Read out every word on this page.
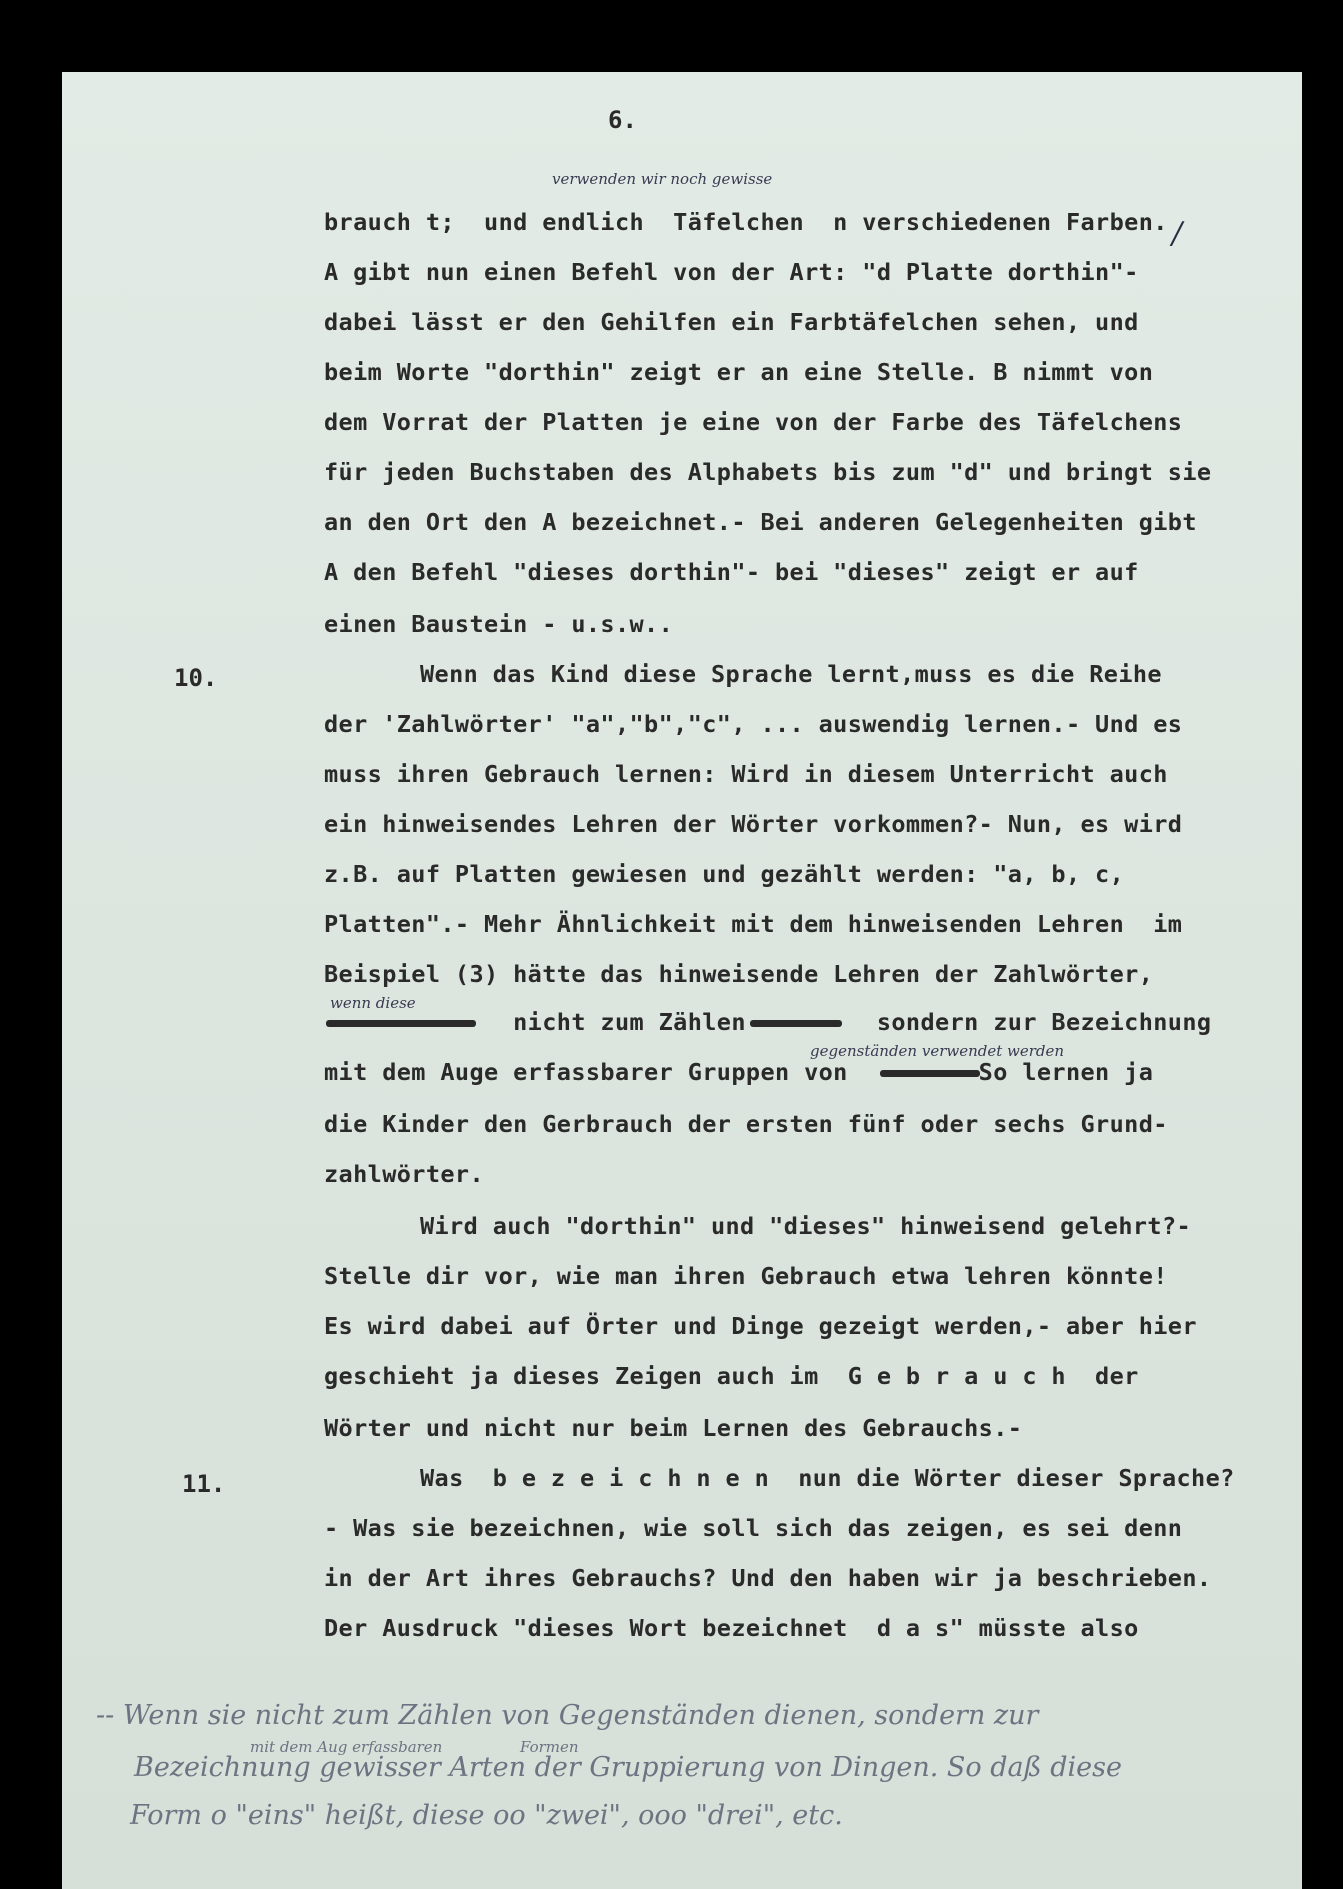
6.
verwenden wir noch gewisse
/
brauch t;  und endlich  Täfelchen  n verschiedenen Farben.
A gibt nun einen Befehl von der Art: "d Platte dorthin"-
dabei lässt er den Gehilfen ein Farbtäfelchen sehen, und
beim Worte "dorthin" zeigt er an eine Stelle. B nimmt von
dem Vorrat der Platten je eine von der Farbe des Täfelchens
für jeden Buchstaben des Alphabets bis zum "d" und bringt sie
an den Ort den A bezeichnet.- Bei anderen Gelegenheiten gibt
A den Befehl "dieses dorthin"- bei "dieses" zeigt er auf
einen Baustein - u.s.w..
10.	Wenn das Kind diese Sprache lernt,muss es die Reihe
der 'Zahlwörter' "a","b","c", ... auswendig lernen.- Und es
muss ihren Gebrauch lernen: Wird in diesem Unterricht auch
ein hinweisendes Lehren der Wörter vorkommen?- Nun, es wird
z.B. auf Platten gewiesen und gezählt werden: "a, b, c,
Platten".- Mehr Ähnlichkeit mit dem hinweisenden Lehren  im
Beispiel (3) hätte das hinweisende Lehren der Zahlwörter,
wenn diese
nicht zum Zählen         sondern zur Bezeichnung
gegenständen verwendet werden
mit dem Auge erfassbarer Gruppen von         So lernen ja
die Kinder den Gerbrauch der ersten fünf oder sechs Grund-
zahlwörter.
Wird auch "dorthin" und "dieses" hinweisend gelehrt?-
Stelle dir vor, wie man ihren Gebrauch etwa lehren könnte!
Es wird dabei auf Örter und Dinge gezeigt werden,- aber hier
geschieht ja dieses Zeigen auch im  G e b r a u c h  der
Wörter und nicht nur beim Lernen des Gebrauchs.-
11.	Was  b e z e i c h n e n  nun die Wörter dieser Sprache?
- Was sie bezeichnen, wie soll sich das zeigen, es sei denn
in der Art ihres Gebrauchs? Und den haben wir ja beschrieben.
Der Ausdruck "dieses Wort bezeichnet  d a s" müsste also
-- Wenn sie nicht zum Zählen von Gegenständen dienen, sondern zur
mit dem Aug erfassbaren	Formen
Bezeichnung gewisser Arten der Gruppierung von Dingen. So daß diese
Form o "eins" heißt, diese oo "zwei", ooo "drei", etc.
